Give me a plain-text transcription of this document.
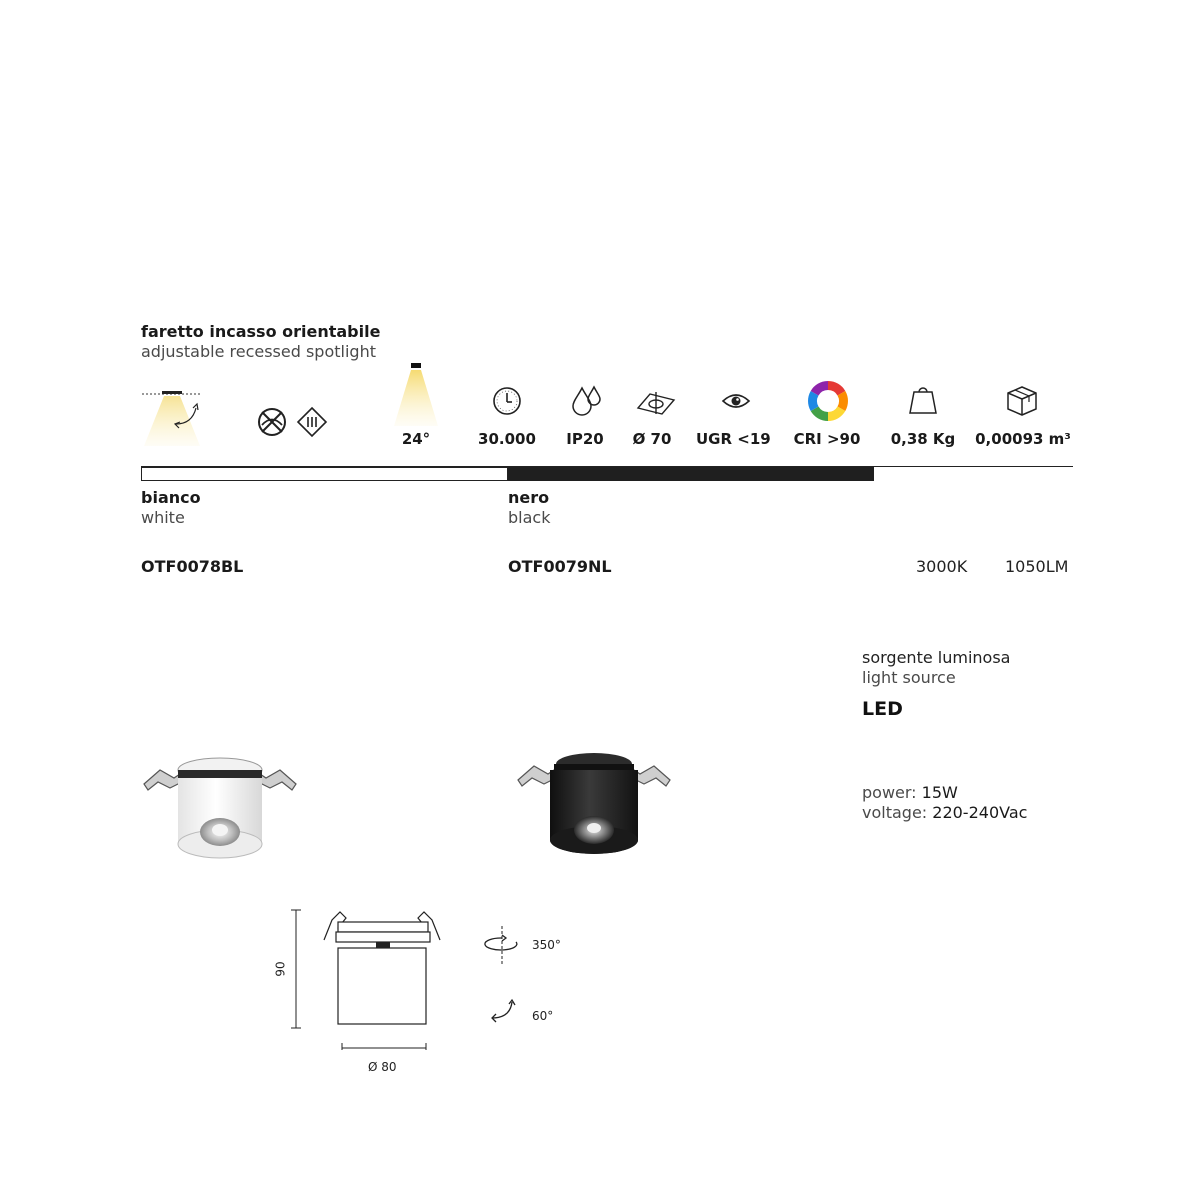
faretto incasso orientabile
adjustable recessed spotlight
24°	30.000	IP20	Ø 70	UGR <19	CRI >90	0,38 Kg	0,00093 m³
bianco
white
nero
black
OTF0078BL	OTF0079NL	3000K 1050LM
sorgente luminosa
light source
LED
power: 15W
voltage: 220-240Vac
90
Ø 80
350°
60°
